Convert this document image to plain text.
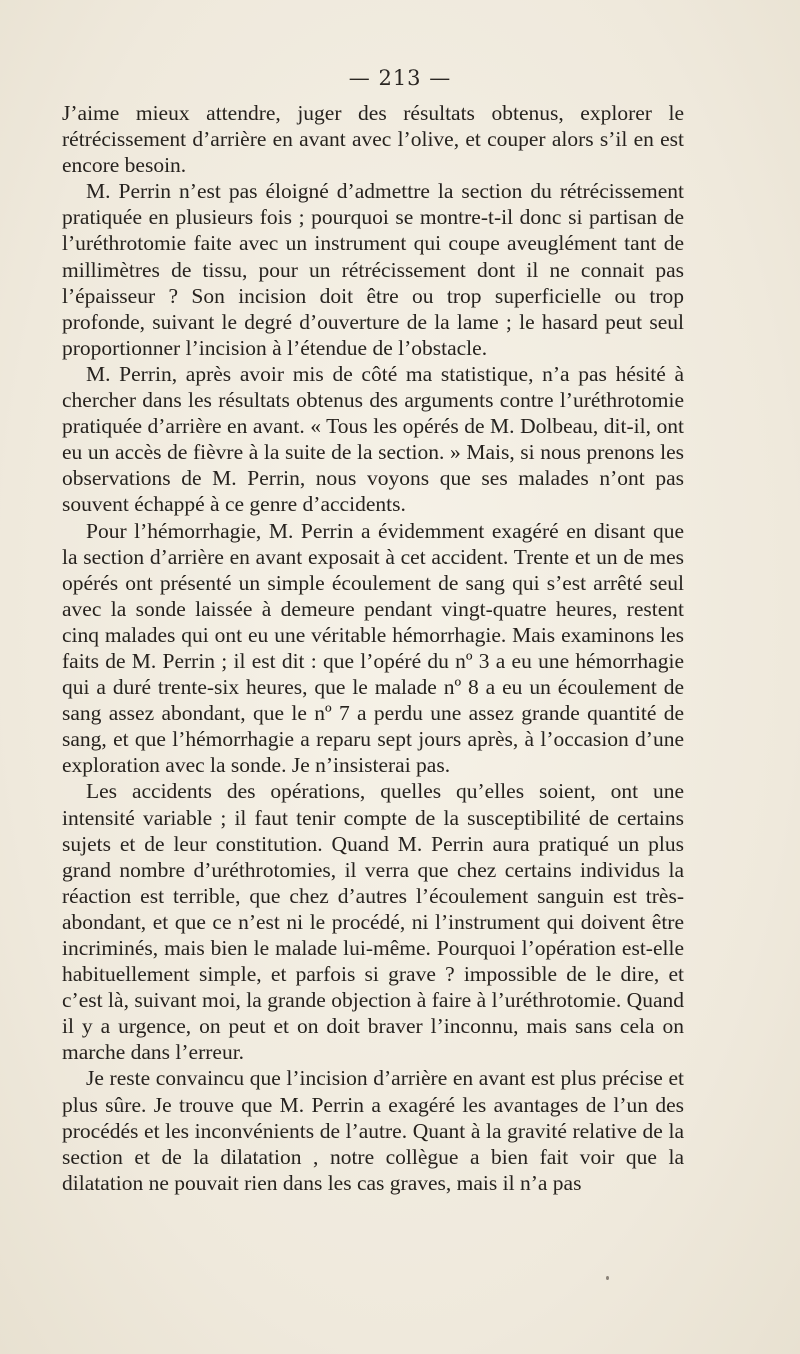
— 213 —

J’aime mieux attendre, juger des résultats obtenus, explorer le rétrécissement d’arrière en avant avec l’olive, et couper alors s’il en est encore besoin.

M. Perrin n’est pas éloigné d’admettre la section du rétrécissement pratiquée en plusieurs fois ; pourquoi se montre-t-il donc si partisan de l’uréthrotomie faite avec un instrument qui coupe aveuglément tant de millimètres de tissu, pour un rétrécissement dont il ne connait pas l’épaisseur ? Son incision doit être ou trop superficielle ou trop profonde, suivant le degré d’ouverture de la lame ; le hasard peut seul proportionner l’incision à l’étendue de l’obstacle.

M. Perrin, après avoir mis de côté ma statistique, n’a pas hésité à chercher dans les résultats obtenus des arguments contre l’uréthrotomie pratiquée d’arrière en avant. « Tous les opérés de M. Dolbeau, dit-il, ont eu un accès de fièvre à la suite de la section. » Mais, si nous prenons les observations de M. Perrin, nous voyons que ses malades n’ont pas souvent échappé à ce genre d’accidents.

Pour l’hémorrhagie, M. Perrin a évidemment exagéré en disant que la section d’arrière en avant exposait à cet accident. Trente et un de mes opérés ont présenté un simple écoulement de sang qui s’est arrêté seul avec la sonde laissée à demeure pendant vingt-quatre heures, restent cinq malades qui ont eu une véritable hémorrhagie. Mais examinons les faits de M. Perrin ; il est dit : que l’opéré du nº 3 a eu une hémorrhagie qui a duré trente-six heures, que le malade nº 8 a eu un écoulement de sang assez abondant, que le nº 7 a perdu une assez grande quantité de sang, et que l’hémorrhagie a reparu sept jours après, à l’occasion d’une exploration avec la sonde. Je n’insisterai pas.

Les accidents des opérations, quelles qu’elles soient, ont une intensité variable ; il faut tenir compte de la susceptibilité de certains sujets et de leur constitution. Quand M. Perrin aura pratiqué un plus grand nombre d’uréthrotomies, il verra que chez certains individus la réaction est terrible, que chez d’autres l’écoulement sanguin est très-abondant, et que ce n’est ni le procédé, ni l’instrument qui doivent être incriminés, mais bien le malade lui-même. Pourquoi l’opération est-elle habituellement simple, et parfois si grave ? impossible de le dire, et c’est là, suivant moi, la grande objection à faire à l’uréthrotomie. Quand il y a urgence, on peut et on doit braver l’inconnu, mais sans cela on marche dans l’erreur.

Je reste convaincu que l’incision d’arrière en avant est plus précise et plus sûre. Je trouve que M. Perrin a exagéré les avantages de l’un des procédés et les inconvénients de l’autre. Quant à la gravité relative de la section et de la dilatation , notre collègue a bien fait voir que la dilatation ne pouvait rien dans les cas graves, mais il n’a pas
